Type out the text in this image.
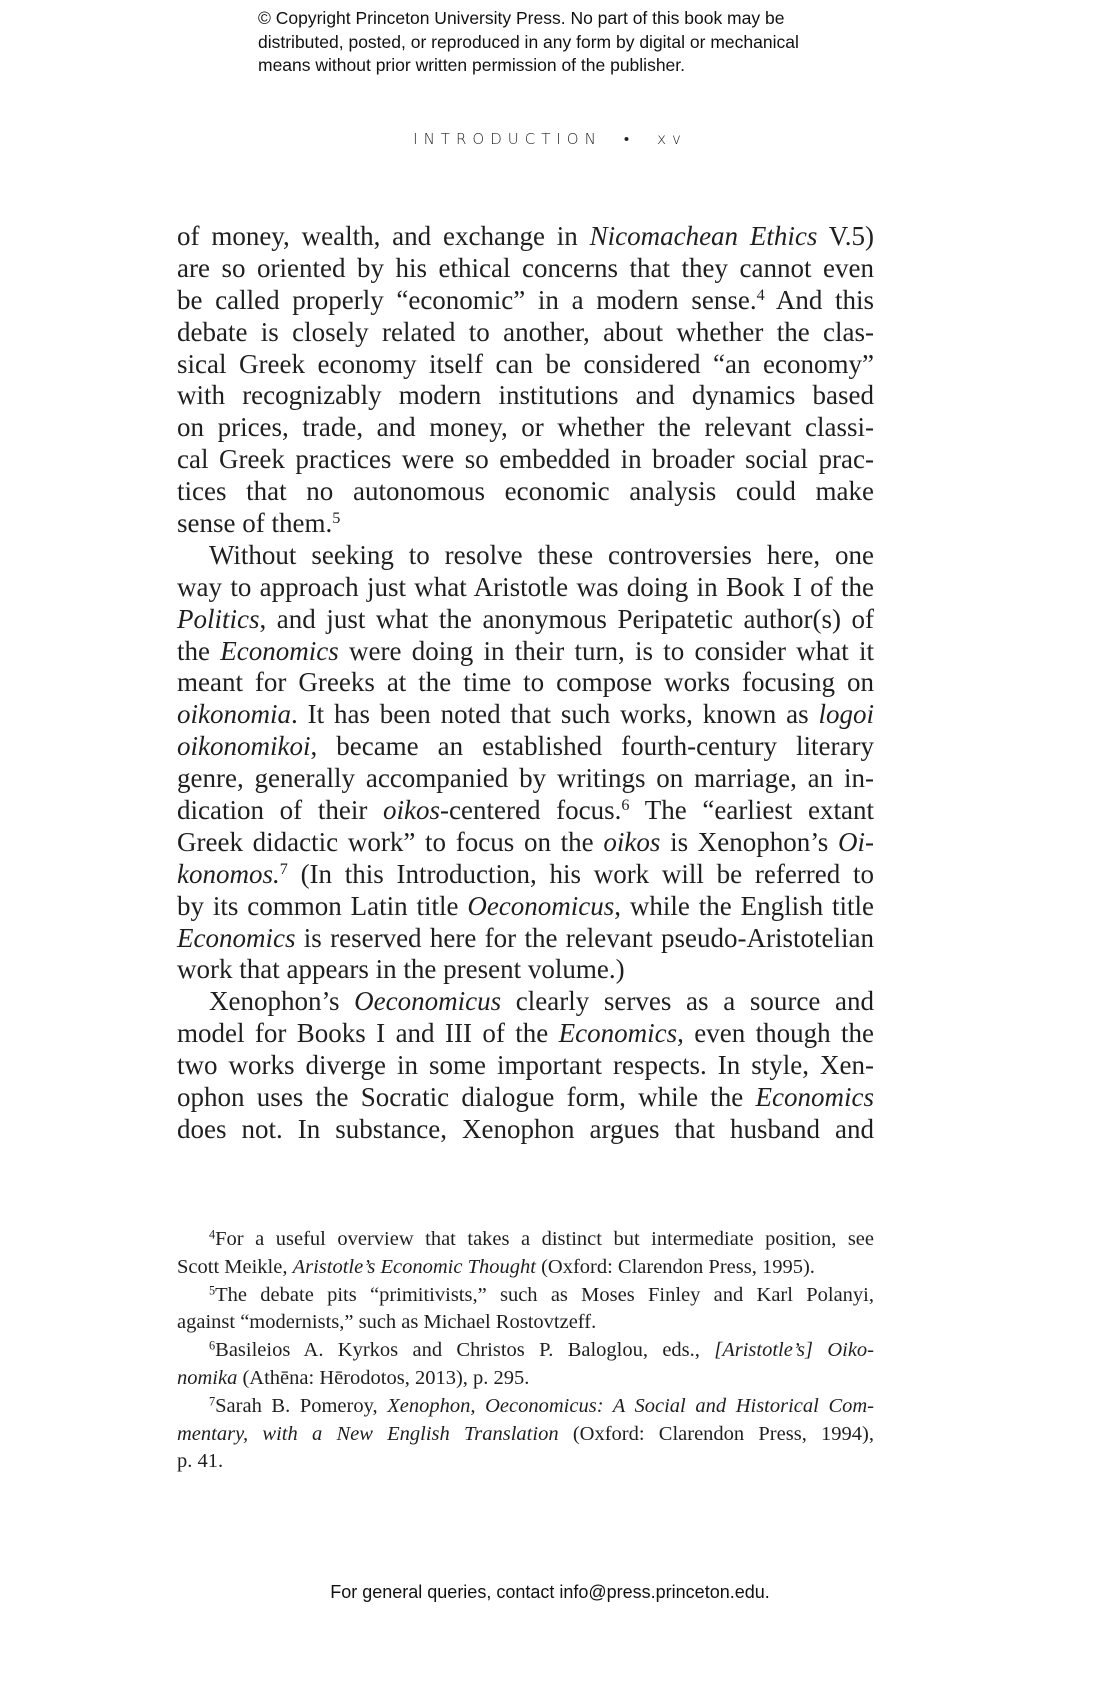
© Copyright Princeton University Press. No part of this book may be
distributed, posted, or reproduced in any form by digital or mechanical
means without prior written permission of the publisher.
INTRODUCTION • xv
of money, wealth, and exchange in Nicomachean Ethics V.5)
are so oriented by his ethical concerns that they cannot even
be called properly “economic” in a modern sense.$^4$ And this
debate is closely related to another, about whether the clas-
sical Greek economy itself can be considered “an economy”
with recognizably modern institutions and dynamics based
on prices, trade, and money, or whether the relevant classi-
cal Greek practices were so embedded in broader social prac-
tices that no autonomous economic analysis could make
sense of them.$^5$
Without seeking to resolve these controversies here, one
way to approach just what Aristotle was doing in Book I of the
Politics, and just what the anonymous Peripatetic author(s) of
the Economics were doing in their turn, is to consider what it
meant for Greeks at the time to compose works focusing on
oikonomia. It has been noted that such works, known as logoi
oikonomikoi, became an established fourth-century literary
genre, generally accompanied by writings on marriage, an in-
dication of their oikos-centered focus.$^6$ The “earliest extant
Greek didactic work” to focus on the oikos is Xenophon’s Oi-
konomos.$^7$ (In this Introduction, his work will be referred to
by its common Latin title Oeconomicus, while the English title
Economics is reserved here for the relevant pseudo-Aristotelian
work that appears in the present volume.)
Xenophon’s Oeconomicus clearly serves as a source and
model for Books I and III of the Economics, even though the
two works diverge in some important respects. In style, Xen-
ophon uses the Socratic dialogue form, while the Economics
does not. In substance, Xenophon argues that husband and
$^4$For a useful overview that takes a distinct but intermediate position, see
Scott Meikle, Aristotle’s Economic Thought (Oxford: Clarendon Press, 1995).
$^5$The debate pits “primitivists,” such as Moses Finley and Karl Polanyi,
against “modernists,” such as Michael Rostovtzeff.
$^6$Basileios A. Kyrkos and Christos P. Baloglou, eds., [Aristotle’s] Oiko-
nomika (Athēna: Hērodotos, 2013), p. 295.
$^7$Sarah B. Pomeroy, Xenophon, Oeconomicus: A Social and Historical Com-
mentary, with a New English Translation (Oxford: Clarendon Press, 1994),
p. 41.
For general queries, contact info@press.princeton.edu.
